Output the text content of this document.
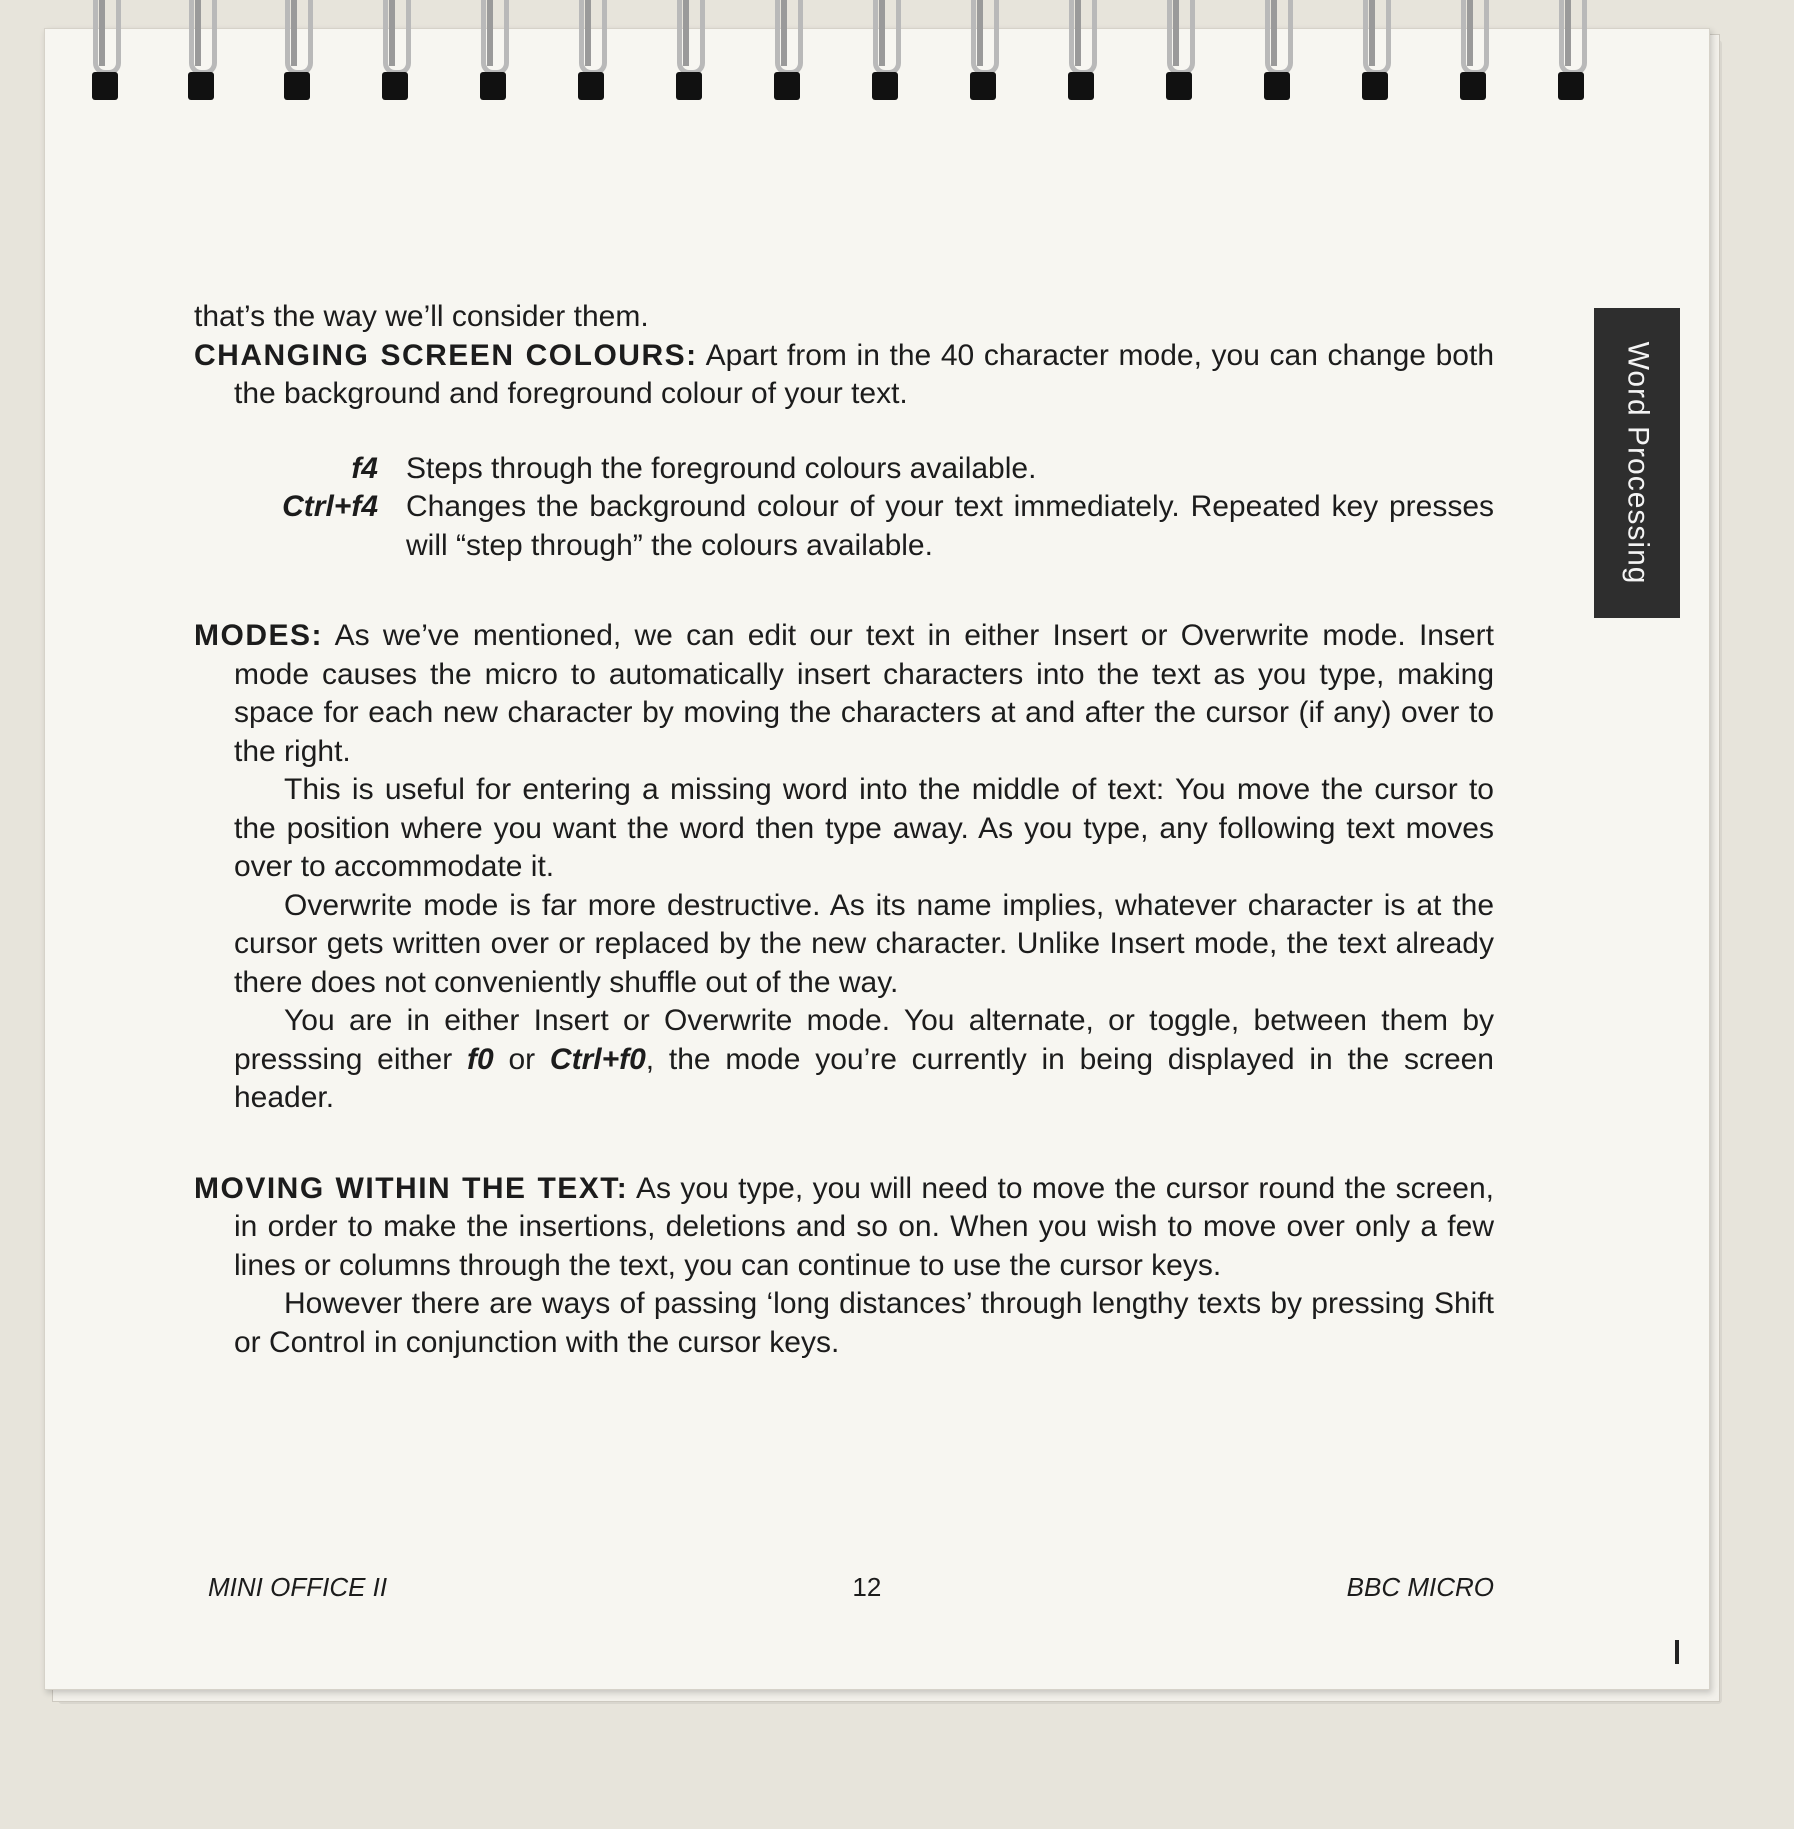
Word Processing

that’s the way we’ll consider them.

CHANGING SCREEN COLOURS: Apart from in the 40 character mode, you can change both the background and foreground colour of your text.

f4 Steps through the foreground colours available.
Ctrl+f4 Changes the background colour of your text immediately. Repeated key presses will “step through” the colours available.

MODES: As we’ve mentioned, we can edit our text in either Insert or Overwrite mode. Insert mode causes the micro to automatically insert characters into the text as you type, making space for each new character by moving the characters at and after the cursor (if any) over to the right.

This is useful for entering a missing word into the middle of text: You move the cursor to the position where you want the word then type away. As you type, any following text moves over to accommodate it.

Overwrite mode is far more destructive. As its name implies, whatever character is at the cursor gets written over or replaced by the new character. Unlike Insert mode, the text already there does not conveniently shuffle out of the way.

You are in either Insert or Overwrite mode. You alternate, or toggle, between them by presssing either f0 or Ctrl+f0, the mode you’re currently in being displayed in the screen header.

MOVING WITHIN THE TEXT: As you type, you will need to move the cursor round the screen, in order to make the insertions, deletions and so on. When you wish to move over only a few lines or columns through the text, you can continue to use the cursor keys.

However there are ways of passing ‘long distances’ through lengthy texts by pressing Shift or Control in conjunction with the cursor keys.

MINI OFFICE II	12	BBC MICRO
